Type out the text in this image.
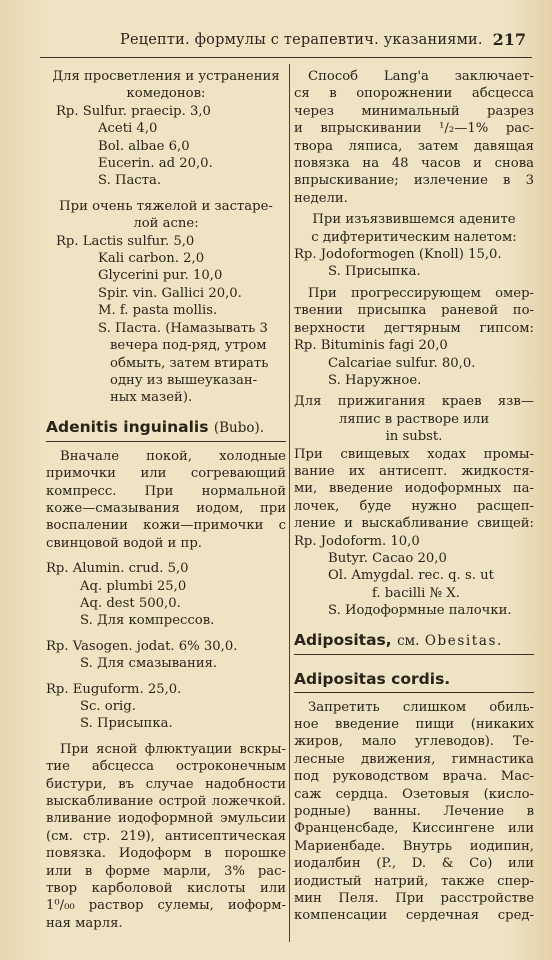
Рецепти. формулы с терапевтич. указаниями. 217
Для просветления и устранения
комедонов:
Rp. Sulfur. praecip. 3,0
Aceti 4,0
Bol. albae 6,0
Eucerin. ad 20,0.
S. Паста.
При очень тяжелой и застаре-
лой acne:
Rp. Lactis sulfur. 5,0
Kali carbon. 2,0
Glycerini pur. 10,0
Spir. vin. Gallici 20,0.
M. f. pasta mollis.
S. Паста. (Намазывать 3
вечера под-ряд, утром
обмыть, затем втирать
одну из вышеуказан-
ных мазей).
Adenitis inguinalis (Bubo).
Вначале покой, холодные
примочки или согревающий
компресс. При нормальной
коже—смазывания иодом, при
воспалении кожи—примочки с
свинцовой водой и пр.
Rp. Alumin. crud. 5,0
Aq. plumbi 25,0
Aq. dest 500,0.
S. Для компрессов.
Rp. Vasogen. jodat. 6% 30,0.
S. Для смазывания.
Rp. Euguform. 25,0.
Sc. orig.
S. Присыпка.
При ясной флюктуации вскры-
тие абсцесса остроконечным
бистури, въ случае надобности
выскабливание острой ложечкой.
вливание иодоформной эмульсии
(см. стр. 219), антисептическая
повязка. Иодоформ в порошке
или в форме марли, 3% рас-
твор карболовой кислоты или
1⁰/₀₀ раствор сулемы, иоформ-
ная марля.
Способ Lang'a заключает-
ся в опорожнении абсцесса
через минимальный разрез
и впрыскивании ¹/₂—1% рас-
твора ляписа, затем давящая
повязка на 48 часов и снова
впрыскивание; излечение в 3
недели.
При изъязвившемся адените
с дифтеритическим налетом:
Rp. Jodoformogen (Knoll) 15,0.
S. Присыпка.
При прогрессирующем омер-
твении присыпка раневой по-
верхности дегтярным гипсом:
Rp. Bituminis fagi 20,0
Calcariae sulfur. 80,0.
S. Наружное.
Для прижигания краев язв—
ляпис в растворе или
in subst.
При свищевых ходах промы-
вание их антисепт. жидкостя-
ми, введение иодоформных па-
лочек, буде нужно расщеп-
ление и выскабливание свищей:
Rp. Jodoform. 10,0
Butyr. Cacao 20,0
Ol. Amygdal. rec. q. s. ut
f. bacilli № X.
S. Иодоформные палочки.
Adipositas, см. Obesitas.
Adipositas cordis.
Запретить слишком обиль-
ное введение пищи (никаких
жиров, мало углеводов). Те-
лесные движения, гимнастика
под руководством врача. Мас-
саж сердца. Озетовыя (кисло-
родные) ванны. Лечение в
Франценсбаде, Киссингене или
Мариенбаде. Внутрь иодипин,
иодалбин (P., D. & Co) или
иодистый натрий, также спер-
мин Пеля. При расстройстве
компенсации сердечная сред-
